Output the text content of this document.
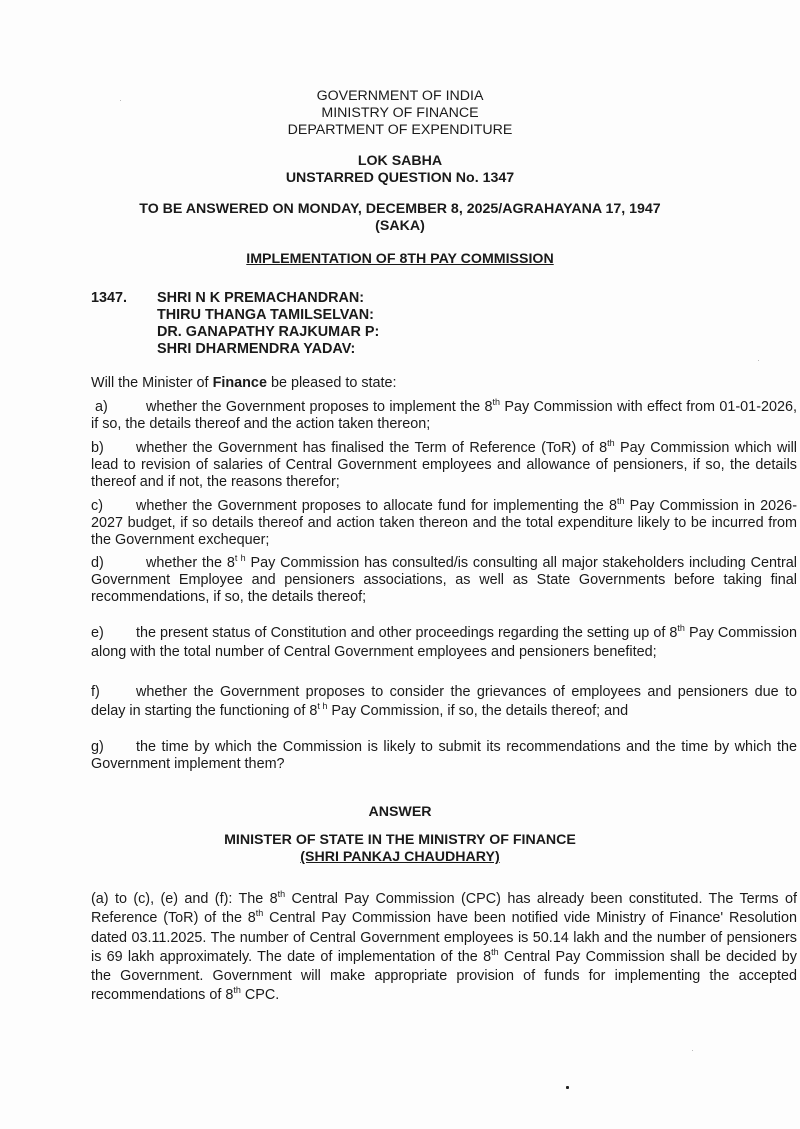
GOVERNMENT OF INDIA
MINISTRY OF FINANCE
DEPARTMENT OF EXPENDITURE
LOK SABHA
UNSTARRED QUESTION No. 1347
TO BE ANSWERED ON MONDAY, DECEMBER 8, 2025/AGRAHAYANA 17, 1947
(SAKA)
IMPLEMENTATION OF 8TH PAY COMMISSION
1347. SHRI N K PREMACHANDRAN:
THIRU THANGA TAMILSELVAN:
DR. GANAPATHY RAJKUMAR P:
SHRI DHARMENDRA YADAV:
Will the Minister of Finance be pleased to state:
a)	whether the Government proposes to implement the 8th Pay Commission with effect from 01-01-2026, if so, the details thereof and the action taken thereon;
b) whether the Government has finalised the Term of Reference (ToR) of 8th Pay Commission which will lead to revision of salaries of Central Government employees and allowance of pensioners, if so, the details thereof and if not, the reasons therefor;
c) whether the Government proposes to allocate fund for implementing the 8th Pay Commission in 2026-2027 budget, if so details thereof and action taken thereon and the total expenditure likely to be incurred from the Government exchequer;
d)	whether the $8^{t h}$ Pay Commission has consulted/is consulting all major stakeholders including Central Government Employee and pensioners associations, as well as State Governments before taking final recommendations, if so, the details thereof;
e) the present status of Constitution and other proceedings regarding the setting up of 8th Pay Commission along with the total number of Central Government employees and pensioners benefited;
f)	whether the Government proposes to consider the grievances of employees and pensioners due to delay in starting the functioning of $8^{t h}$ Pay Commission, if so, the details thereof; and
g) the time by which the Commission is likely to submit its recommendations and the time by which the Government implement them?
ANSWER
MINISTER OF STATE IN THE MINISTRY OF FINANCE
(SHRI PANKAJ CHAUDHARY)
(a) to (c), (e) and (f): The 8th Central Pay Commission (CPC) has already been constituted. The Terms of Reference (ToR) of the 8th Central Pay Commission have been notified vide Ministry of Finance' Resolution dated 03.11.2025. The number of Central Government employees is 50.14 lakh and the number of pensioners is 69 lakh approximately. The date of implementation of the 8th Central Pay Commission shall be decided by the Government. Government will make appropriate provision of funds for implementing the accepted recommendations of 8th CPC.
